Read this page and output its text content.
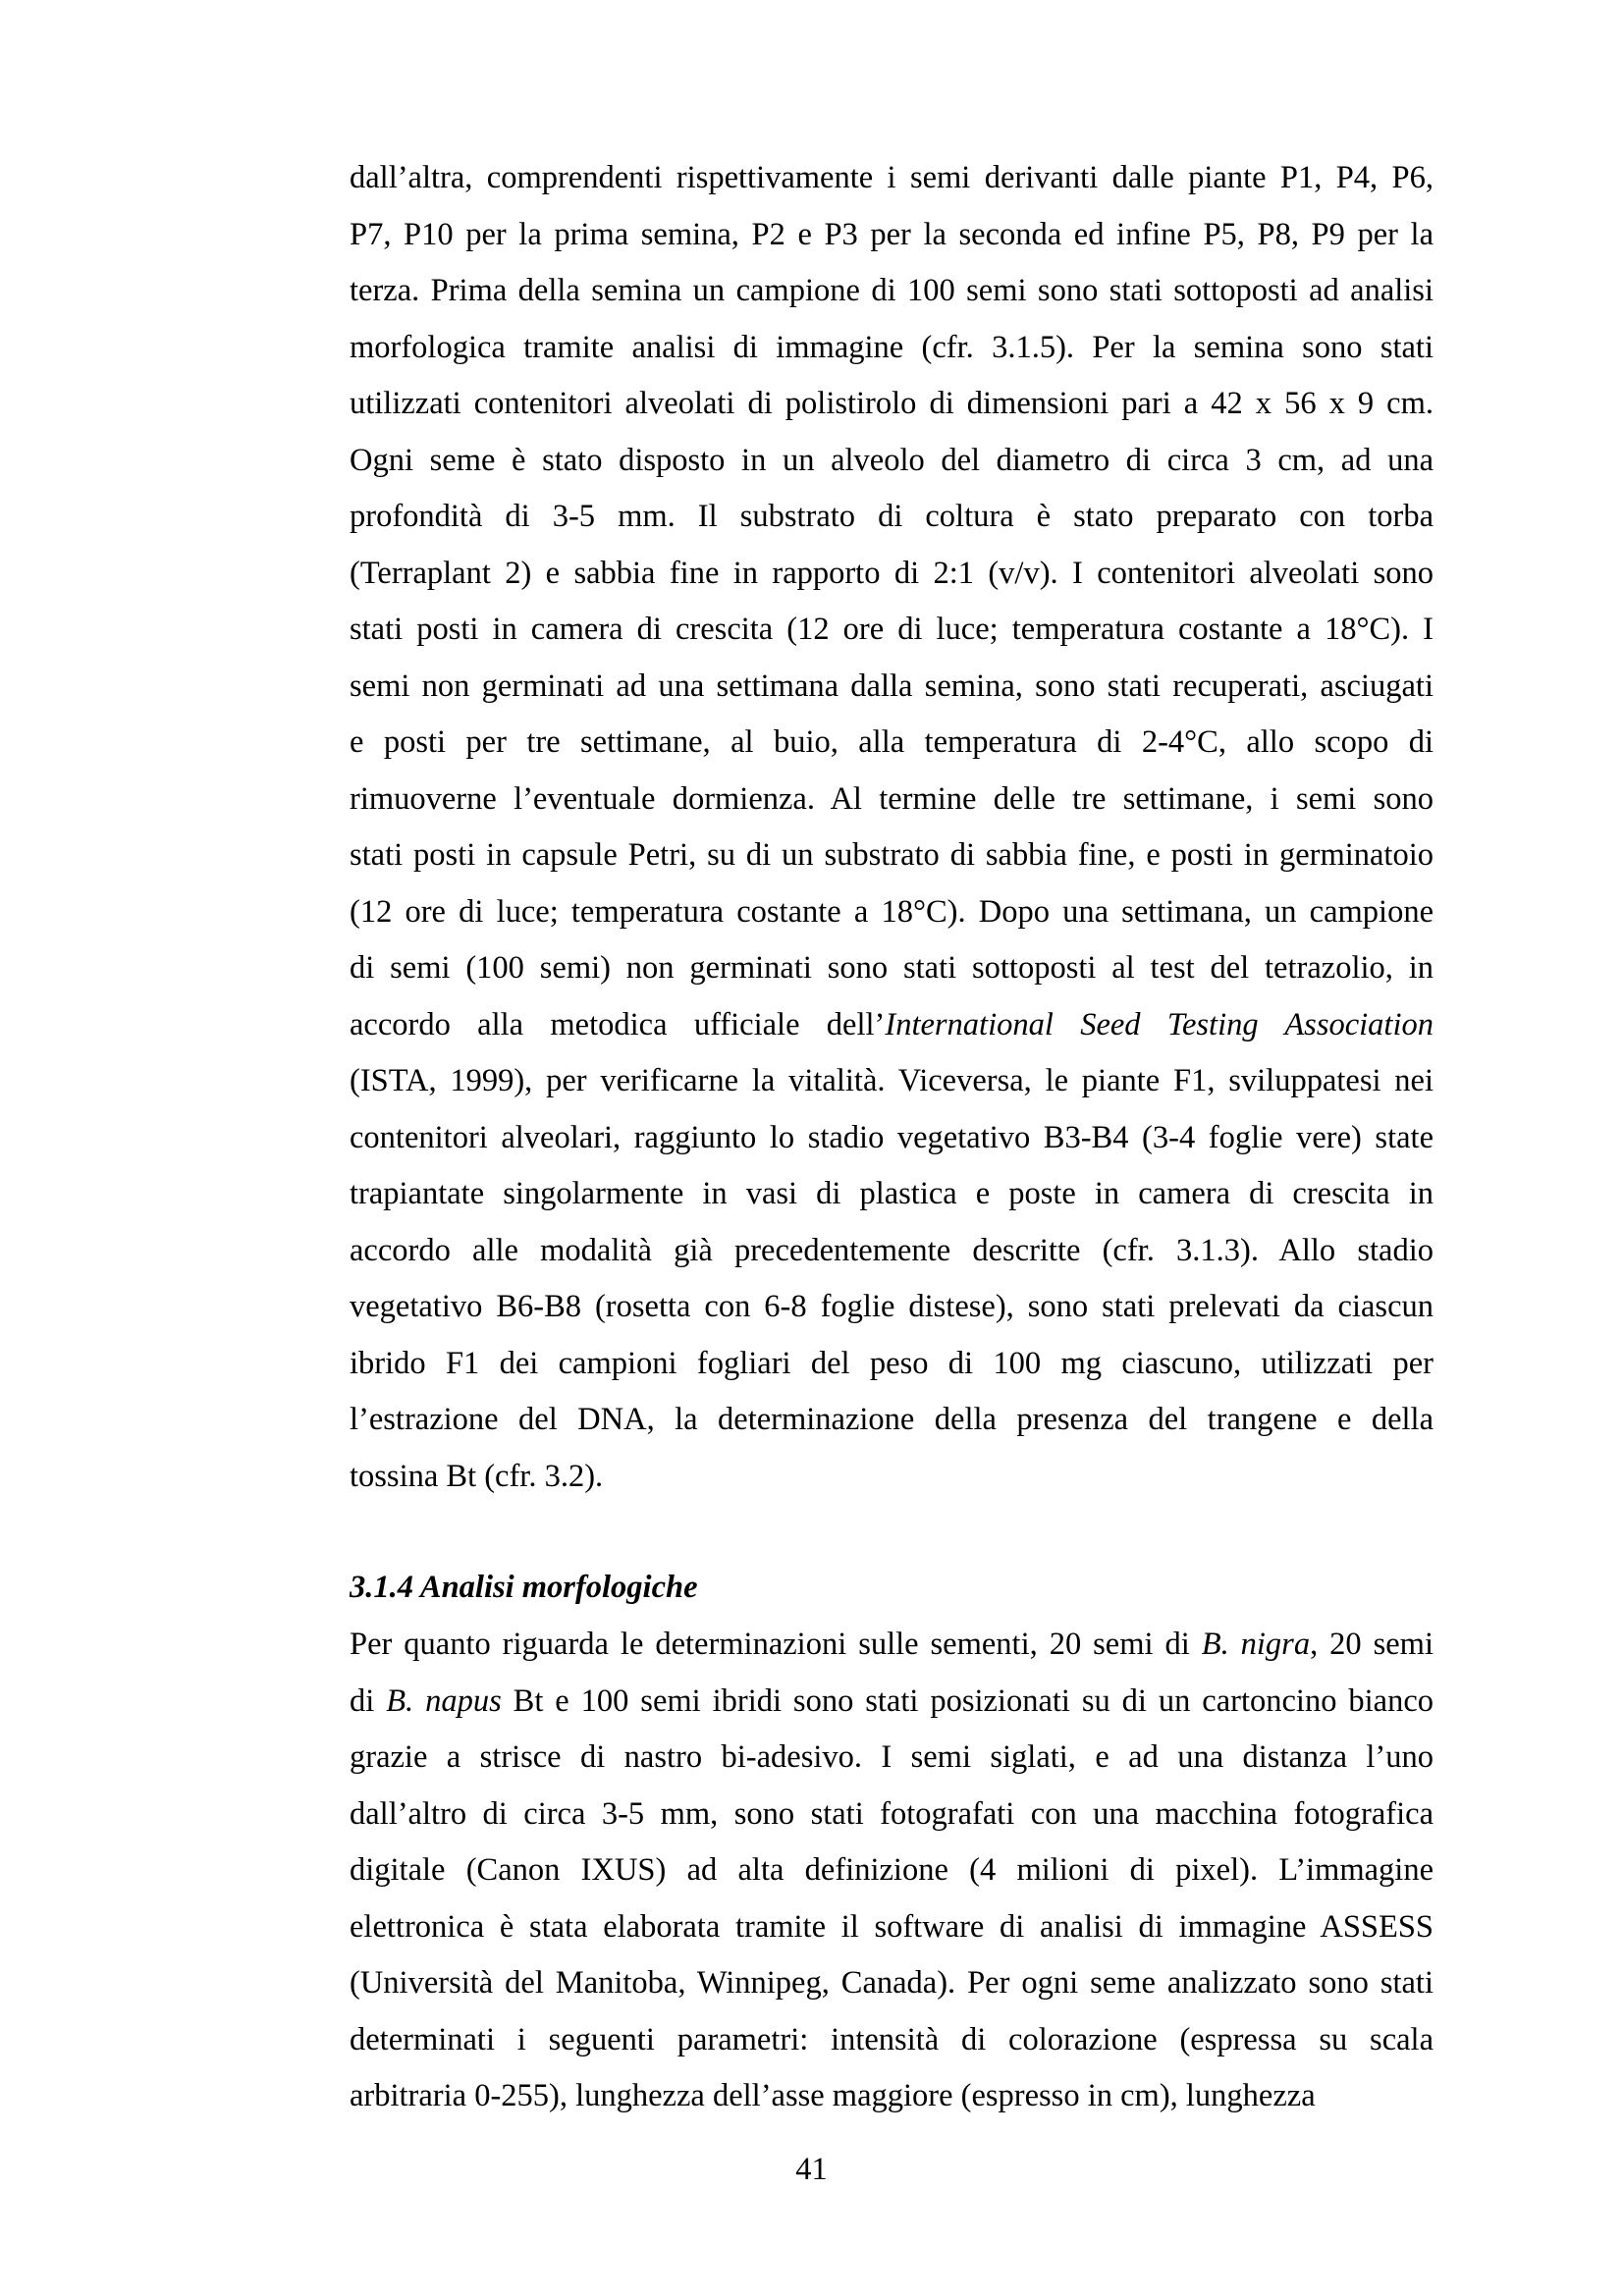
dall’altra, comprendenti rispettivamente i semi derivanti dalle piante P1, P4, P6,
P7, P10 per la prima semina, P2 e P3 per la seconda ed infine P5, P8, P9 per la
terza. Prima della semina un campione di 100 semi sono stati sottoposti ad analisi
morfologica tramite analisi di immagine (cfr. 3.1.5). Per la semina sono stati
utilizzati contenitori alveolati di polistirolo di dimensioni pari a 42 x 56 x 9 cm.
Ogni seme è stato disposto in un alveolo del diametro di circa 3 cm, ad una
profondità di 3-5 mm. Il substrato di coltura è stato preparato con torba
(Terraplant 2) e sabbia fine in rapporto di 2:1 (v/v). I contenitori alveolati sono
stati posti in camera di crescita (12 ore di luce; temperatura costante a 18°C). I
semi non germinati ad una settimana dalla semina, sono stati recuperati, asciugati
e posti per tre settimane, al buio, alla temperatura di 2-4°C, allo scopo di
rimuoverne l’eventuale dormienza. Al termine delle tre settimane, i semi sono
stati posti in capsule Petri, su di un substrato di sabbia fine, e posti in germinatoio
(12 ore di luce; temperatura costante a 18°C). Dopo una settimana, un campione
di semi (100 semi) non germinati sono stati sottoposti al test del tetrazolio, in
accordo alla metodica ufficiale dell’International Seed Testing Association
(ISTA, 1999), per verificarne la vitalità. Viceversa, le piante F1, sviluppatesi nei
contenitori alveolari, raggiunto lo stadio vegetativo B3-B4 (3-4 foglie vere) state
trapiantate singolarmente in vasi di plastica e poste in camera di crescita in
accordo alle modalità già precedentemente descritte (cfr. 3.1.3). Allo stadio
vegetativo B6-B8 (rosetta con 6-8 foglie distese), sono stati prelevati da ciascun
ibrido F1 dei campioni fogliari del peso di 100 mg ciascuno, utilizzati per
l’estrazione del DNA, la determinazione della presenza del trangene e della
tossina Bt (cfr. 3.2).
3.1.4 Analisi morfologiche
Per quanto riguarda le determinazioni sulle sementi, 20 semi di B. nigra, 20 semi
di B. napus Bt e 100 semi ibridi sono stati posizionati su di un cartoncino bianco
grazie a strisce di nastro bi-adesivo. I semi siglati, e ad una distanza l’uno
dall’altro di circa 3-5 mm, sono stati fotografati con una macchina fotografica
digitale (Canon IXUS) ad alta definizione (4 milioni di pixel). L’immagine
elettronica è stata elaborata tramite il software di analisi di immagine ASSESS
(Università del Manitoba, Winnipeg, Canada). Per ogni seme analizzato sono stati
determinati i seguenti parametri: intensità di colorazione (espressa su scala
arbitraria 0-255), lunghezza dell’asse maggiore (espresso in cm), lunghezza
41
